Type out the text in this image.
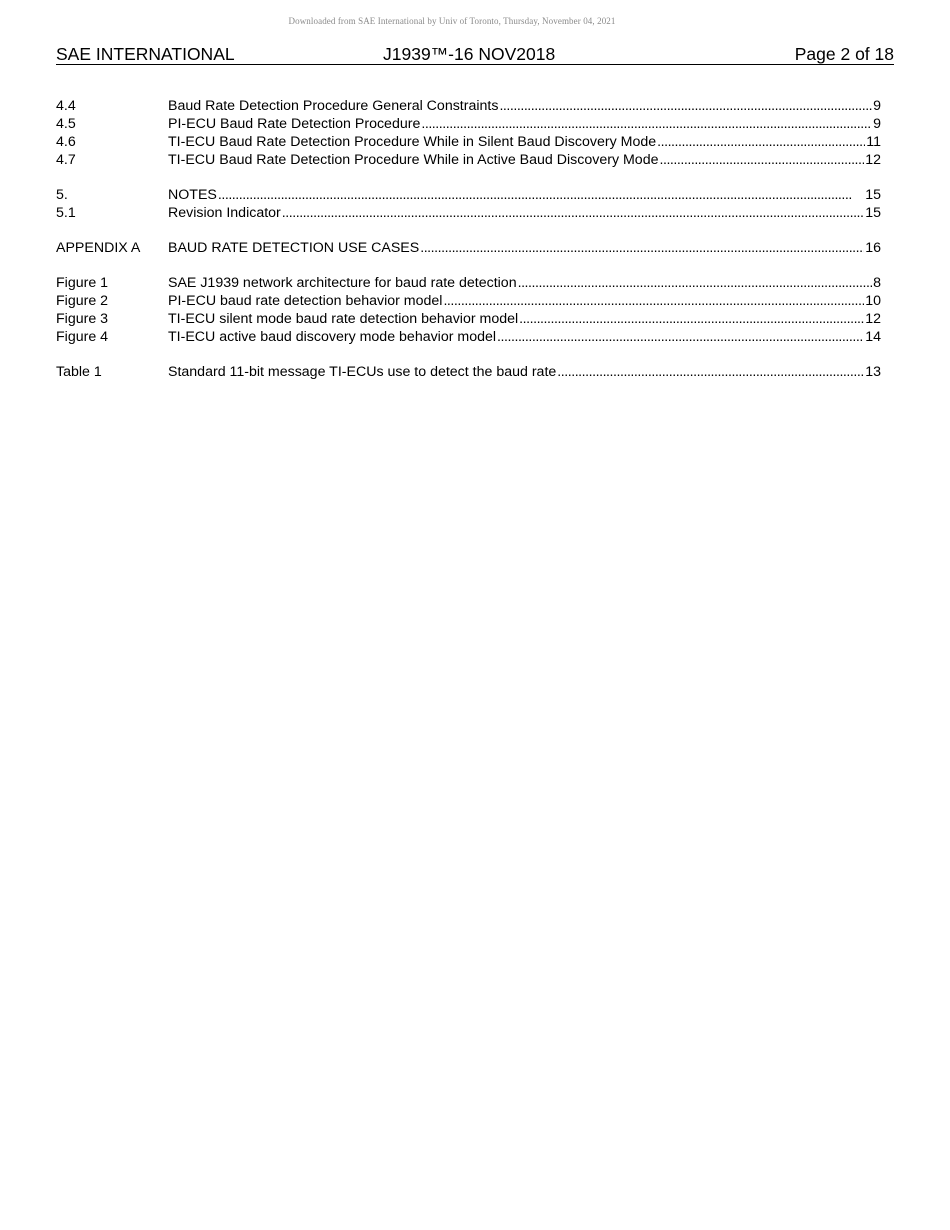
Downloaded from SAE International by Univ of Toronto, Thursday, November 04, 2021
SAE INTERNATIONAL	J1939™-16 NOV2018	Page 2 of 18
4.4	Baud Rate Detection Procedure General Constraints . . .	9
4.5	PI-ECU Baud Rate Detection Procedure . . .	9
4.6	TI-ECU Baud Rate Detection Procedure While in Silent Baud Discovery Mode . . .	11
4.7	TI-ECU Baud Rate Detection Procedure While in Active Baud Discovery Mode . . .	12
5.	NOTES . . .	15
5.1	Revision Indicator . . .	15
APPENDIX A	BAUD RATE DETECTION USE CASES . . .	16
Figure 1	SAE J1939 network architecture for baud rate detection . . .	8
Figure 2	PI-ECU baud rate detection behavior model . . .	10
Figure 3	TI-ECU silent mode baud rate detection behavior model . . .	12
Figure 4	TI-ECU active baud discovery mode behavior model . . .	14
Table 1	Standard 11-bit message TI-ECUs use to detect the baud rate . . .	13
